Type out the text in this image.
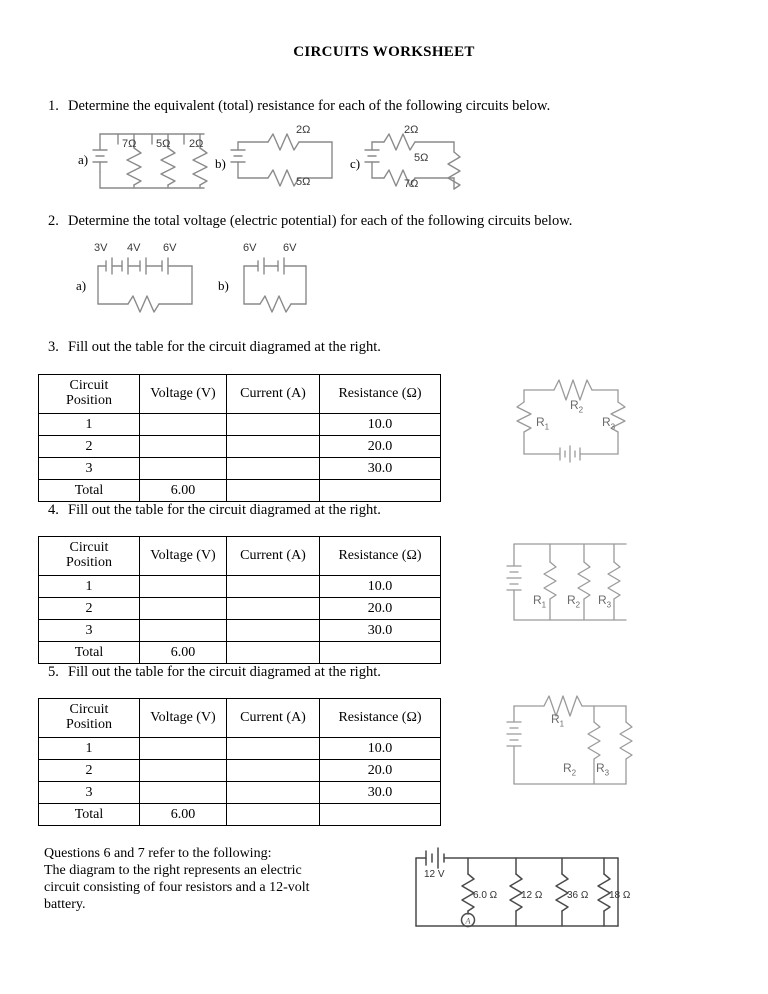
CIRCUITS WORKSHEET
1. Determine the equivalent (total) resistance for each of the following circuits below.
a)
7Ω 5Ω 2Ω
b)
2Ω
5Ω
c)
2Ω
5Ω
7Ω
2. Determine the total voltage (electric potential) for each of the following circuits below.
a)
3V 4V 6V
b)
6V 6V
3. Fill out the table for the circuit diagramed at the right.
Circuit
Position	Voltage (V)	Current (A)	Resistance (Ω)
1			10.0
2			20.0
3			30.0
Total	6.00		
$R_1$
$R_2$
$R_3$
4. Fill out the table for the circuit diagramed at the right.
Circuit
Position	Voltage (V)	Current (A)	Resistance (Ω)
1			10.0
2			20.0
3			30.0
Total	6.00		
$R_1$ $R_2$ $R_3$
5. Fill out the table for the circuit diagramed at the right.
Circuit
Position	Voltage (V)	Current (A)	Resistance (Ω)
1			10.0
2			20.0
3			30.0
Total	6.00		
$R_1$
$R_2$ $R_3$
Questions 6 and 7 refer to the following:
The diagram to the right represents an electric
circuit consisting of four resistors and a 12-volt
battery.
A
12 V
6.0 Ω 12 Ω 36 Ω 18 Ω
